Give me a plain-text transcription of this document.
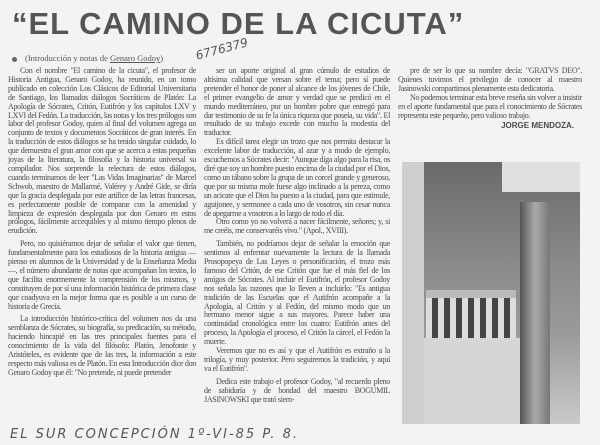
“EL CAMINO DE LA CICUTA”
(Introducción y notas de Genaro Godoy)	6776379

Con el nombre "El camino de la cicuta", el profesor de Historia Antigua, Genaro Godoy, ha reunido, en un tomo publicado en colección Los Clásicos de Editorial Universitaria de Santiago, los llamados diálogos Socráticos de Platón: La Apología de Sócrates, Critón, Eutifrón y los capítulos LXV y LXVI del Fedón. La traducción, las notas y los tres prólogos son labor del profesor Godoy, quien al final del volumen agrega un conjunto de textos y documentos Socráticos de gran interés. En la traducción de estos diálogos se ha tenido singular cuidado, lo que demuestra el gran amor con que se acerca a estas pequeñas joyas de la literatura, la filosofía y la historia universal su compilador. Nos sorprende la relectura de estos diálogos, cuando terminamos de leer "Las Vidas Imaginarias" de Marcel Schwob, maestro de Mallarmé, Valérey y André Gide, se diría que la gracia desplegada por este artífice de las letras francesas, es perfectamente posible de comparar con la amenidad y limpieza de expresión desplegada por don Genaro en estos prólogos, fácilmente accequibles y al mismo tiempo plenos de erudición.

Pero, no quisiéramos dejar de señalar el valor que tienen, fundamentalmente para los estudiosos de la historia antigua —pienso en alumnos de la Universidad y de la Enseñanza Media—, el número abundante de notas que acompañan los textos, lo que facilita enormemente la comprensión de los mismos, y constituyen de por sí una información histórica de primera clase que coadyuva en la mejor forma que es posible a un curso de historia de Grecia.

La introducción histórico-crítica del volumen nos da una semblanza de Sócrates, su biografía, su predicación, su método, haciendo hincapié en las tres principales fuentes para el conocimiento de la vida del filósofo: Platón, Jenofonte y Aristóteles, es evidente que de las tres, la información a este respecto más valiosa es de Platón. En esta Introducción dice don Genaro Godoy que él: "No pretende, ni puede pretender

ser un aporte original al gran cúmulo de estudios de altísima calidad que versan sobre el tema; pero sí puede pretender el honor de poner al alcance de los jóvenes de Chile, el primer evangelio de amor y verdad que se predicó en el mundo mediterráneo, por un hombre pobre que entregó para dar testimonio de su fe la única riqueza que poseía, su vida". El resultado de su trabajo excede con mucho la modestia del traductor.

Es difícil tarea elegir un trozo que nos permita destacar la excelente labor de traducción, al azar y a modo de ejemplo, escuchemos a Sócrates decir: "Aunque diga algo para la risa, os diré que soy un hombre puesto encima de la ciudad por el Dios, como un tábano sobre la grupa de un corcel grande y generoso, que por su misma mole fuese algo inclinado a la pereza, como un acicate que el Dios ha puesto a la ciudad, para que estimule, aguijonee, y sermonee a cada uno de vosotros, sin cesar nunca de apegarme a vosotros a lo largo de todo el día.

Otro como yo no volverá a nacer fácilmente, señores; y, si me creéis, me conservaréis vivo." (Apol., XVIII).

También, no podríamos dejar de señalar la emoción que sentimos al enfrentar nuevamente la lectura de la llamada Prosopopeya de Las Leyes o personificación, el trozo más famoso del Critón, de ese Critón que fue el más fiel de los amigos de Sócrates. Al incluir el Eutifrón, el profesor Godoy nos señala las razones que lo lleven a incluirlo: "Es antigua tradición de las Escuelas que el Autifrón acompañe a la Apología, al Critón y al Fedón, del mismo modo que un hermano menor sigue a sus mayores. Parece haber una continuidad cronológica entre los cuatro: Eutifrón antes del proceso, la Apología el proceso, el Critón la cárcel, el Fedón la muerte.

Veremos que no es así y que el Autifrón es extraño a la trilogía, y muy posterior. Pero seguiremos la tradición, y aquí va el Eutifrón".

Dedica este trabajo el profesor Godoy, "al recuerdo pleno de sabiduría y de bondad del maestro BOGUMIL JASINOWSKI que trató siem-

pre de ser lo que su nombre decía: "GRATVS DEO". Quienes tuvimos el privilegio de conocer al maestro Jasinowski compartimos plenamente esta dedicatoria.

No podemos terminar esta breve reseña sin volver a insistir en el aporte fundamental que para el conocimiento de Sócrates representa este pequeño, pero valioso trabajo.

JORGE MENDOZA.
EL SUR CONCEPCIÓN 1º-VI-85 P. 8.
